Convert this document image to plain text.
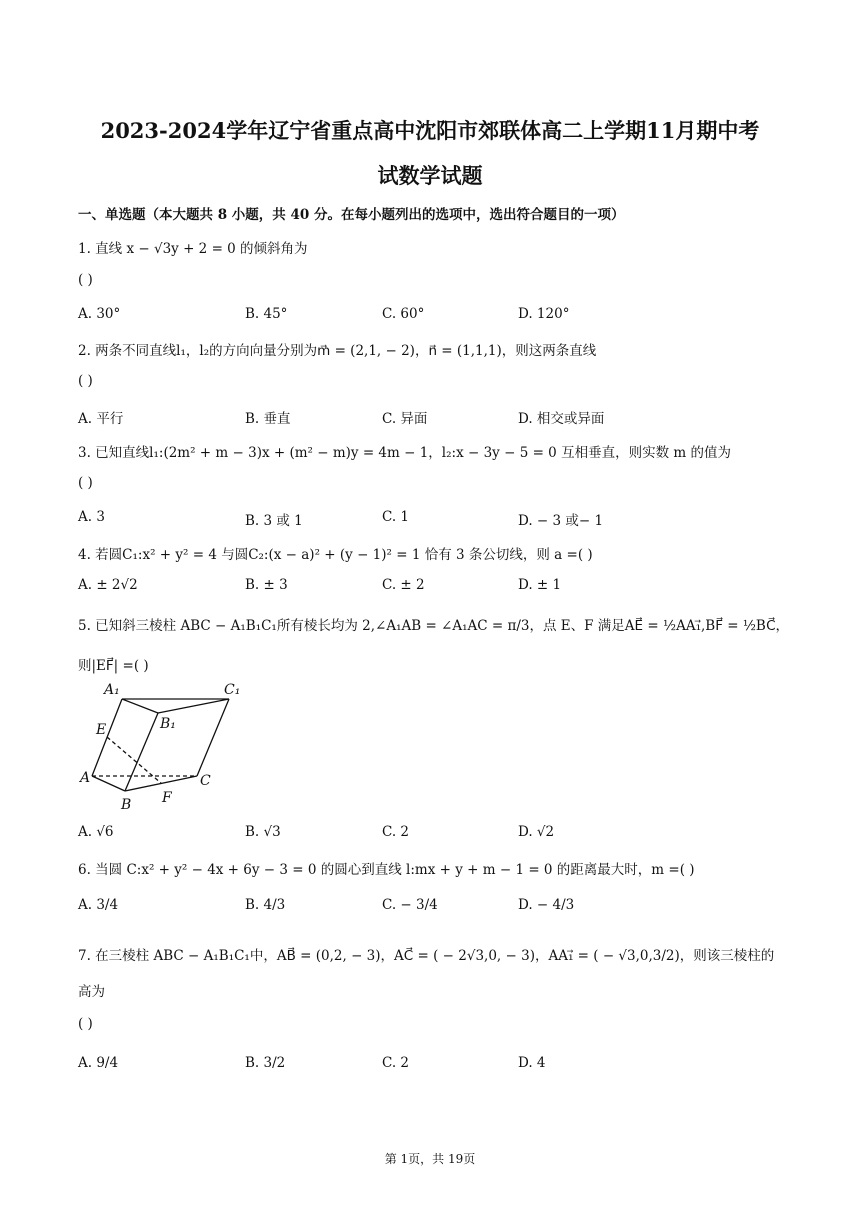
2023-2024学年辽宁省重点高中沈阳市郊联体高二上学期11月期中考
试数学试题
一、单选题（本大题共 8 小题，共 40 分。在每小题列出的选项中，选出符合题目的一项）
1. 直线 x − √3y + 2 = 0 的倾斜角为
( )
A. 30°	B. 45°	C. 60°	D. 120°
2. 两条不同直线l₁，l₂的方向向量分别为m⃗ = (2,1, − 2)，n⃗ = (1,1,1)，则这两条直线
( )
A. 平行	B. 垂直	C. 异面	D. 相交或异面
3. 已知直线l₁:(2m² + m − 3)x + (m² − m)y = 4m − 1，l₂:x − 3y − 5 = 0 互相垂直，则实数 m 的值为
( )
A. 3	B. 3 或 1	C. 1	D. − 3 或− 1
4. 若圆C₁:x² + y² = 4 与圆C₂:(x − a)² + (y − 1)² = 1 恰有 3 条公切线，则 a =( )
A. ± 2√2	B. ± 3	C. ± 2	D. ± 1
5. 已知斜三棱柱 ABC − A₁B₁C₁所有棱长均为 2,∠A₁AB = ∠A₁AC = π/3，点 E、F 满足AE⃗ = ½AA₁⃗,BF⃗ = ½BC⃗，
则|EF⃗| =( )
A₁	C₁
B₁
E
A	C
B F
A. √6	B. √3	C. 2	D. √2
6. 当圆 C:x² + y² − 4x + 6y − 3 = 0 的圆心到直线 l:mx + y + m − 1 = 0 的距离最大时，m =( )
A. 3/4	B. 4/3	C. − 3/4	D. − 4/3
7. 在三棱柱 ABC − A₁B₁C₁中，AB⃗ = (0,2, − 3)，AC⃗ = ( − 2√3,0, − 3)，AA₁⃗ = ( − √3,0,3/2)，则该三棱柱的
高为
( )
A. 9/4	B. 3/2	C. 2	D. 4
第 1页，共 19页
